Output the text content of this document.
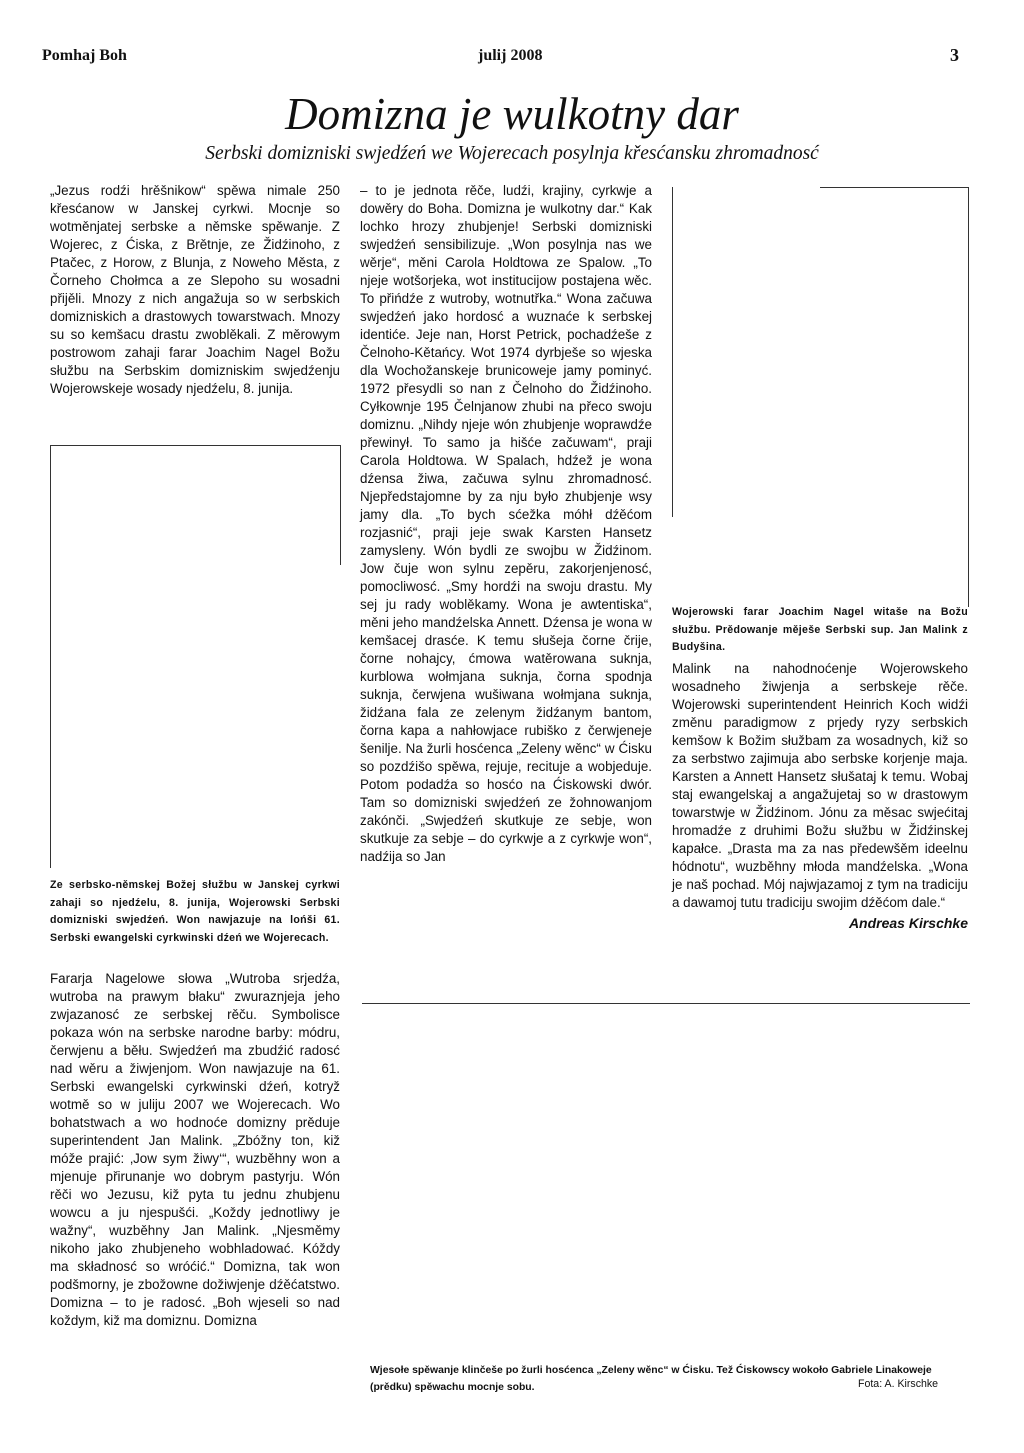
Pomhaj Boh	julij 2008	3
Domizna je wulkotny dar
Serbski domizniski swjedźeń we Wojerecach posylnja křesćansku zhromadnosć

„Jezus rodźi hrěšnikow“ spěwa nimale 250 křesćanow w Janskej cyrkwi. Mocnje so wotměnjatej serbske a němske spěwanje. Z Wojerec, z Ćiska, z Brětnje, ze Židźinoho, z Ptačec, z Horow, z Blunja, z Noweho Města, z Čorneho Chołmca a ze Slepoho su wosadni přijěli. Mnozy z nich angažuja so w serbskich domizniskich a drastowych towarstwach. Mnozy su so kemšacu drastu zwoblěkali. Z měrowym postrowom zahaji farar Joachim Nagel Božu słužbu na Serbskim domizniskim swjedźenju Wojerowskeje wosady njedźelu, 8. junija.

Ze serbsko-němskej Božej słužbu w Janskej cyrkwi zahaji so njedźelu, 8. junija, Wojerowski Serbski domizniski swjedźeń. Won nawjazuje na lońši 61. Serbski ewangelski cyrkwinski dźeń we Wojerecach.

Fararja Nagelowe słowa „Wutroba srjedźa, wutroba na prawym błaku“ zwuraznjeja jeho zwjazanosć ze serbskej rěču. Symbolisce pokaza wón na serbske narodne barby: módru, čerwjenu a běłu. Swjedźeń ma zbudźić radosć nad wěru a žiwjenjom. Won nawjazuje na 61. Serbski ewangelski cyrkwinski dźeń, kotryž wotmě so w juliju 2007 we Wojerecach. Wo bohatstwach a wo hodnoće domizny prěduje superintendent Jan Malink. „Zbóžny ton, kiž móže prajić: ‚Jow sym žiwy‘“, wuzběhny won a mjenuje přirunanje wo dobrym pastyrju. Wón rěči wo Jezusu, kiž pyta tu jednu zhubjenu wowcu a ju njespušći. „Koždy jednotliwy je wažny“, wuzběhny Jan Malink. „Njesměmy nikoho jako zhubjeneho wobhladować. Kóždy ma składnosć so wróćić.“ Domizna, tak won podšmorny, je zbožowne dožiwjenje dźěćatstwo. Domizna – to je radosć. „Boh wjeseli so nad koždym, kiž ma domiznu. Domizna

– to je jednota rěče, ludźi, krajiny, cyrkwje a dowěry do Boha. Domizna je wulkotny dar.“ Kak lochko hrozy zhubjenje! Serbski domizniski swjedźeń sensibilizuje. „Won posylnja nas we wěrje“, měni Carola Holdtowa ze Spalow. „To njeje wotšorjeka, wot institucijow postajena wěc. To přińdźe z wutroby, wotnutřka.“ Wona začuwa swjedźeń jako hordosć a wuznaće k serbskej identiće. Jeje nan, Horst Petrick, pochadźeše z Čelnoho-Kětańcy. Wot 1974 dyrbješe so wjeska dla Wochožanskeje brunicoweje jamy pominyć. 1972 přesydli so nan z Čelnoho do Židźinoho. Cyłkownje 195 Čelnjanow zhubi na přeco swoju domiznu. „Nihdy njeje wón zhubjenje woprawdźe přewinył. To samo ja hišće začuwam“, praji Carola Holdtowa. W Spalach, hdźež je wona dźensa žiwa, začuwa sylnu zhromadnosć. Njepředstajomne by za nju było zhubjenje wsy jamy dla. „To bych sćežka móhł dźěćom rozjasnić“, praji jeje swak Karsten Hansetz zamysleny. Wón bydli ze swojbu w Židźinom. Jow čuje won sylnu zepěru, zakorjenjenosć, pomocliwosć. „Smy hordźi na swoju drastu. My sej ju rady woblěkamy. Wona je awtentiska“, měni jeho mandźelska Annett. Dźensa je wona w kemšacej drasće. K temu słušeja čorne črije, čorne nohajcy, ćmowa watěrowana suknja, kurblowa wołmjana suknja, čorna spodnja suknja, čerwjena wušiwana wołmjana suknja, židźana fala ze zelenym židźanym bantom, čorna kapa a nahłowjace rubiško z čerwjeneje šenilje. Na žurli hosćenca „Zeleny wěnc“ w Ćisku so pozdźišo spěwa, rejuje, recituje a wobjeduje. Potom podadźa so hosćo na Ćiskowski dwór. Tam so domizniski swjedźeń ze žohnowanjom zakónči. „Swjedźeń skutkuje ze sebje, won skutkuje za sebje – do cyrkwje a z cyrkwje won“, nadźija so Jan

Wojerowski farar Joachim Nagel witaše na Božu słužbu. Prědowanje měješe Serbski sup. Jan Malink z Budyšina.

Malink na nahodnoćenje Wojerowskeho wosadneho žiwjenja a serbskeje rěče. Wojerowski superintendent Heinrich Koch widźi změnu paradigmow z prjedy ryzy serbskich kemšow k Božim słužbam za wosadnych, kiž so za serbstwo zajimuja abo serbske korjenje maja. Karsten a Annett Hansetz słušataj k temu. Wobaj staj ewangelskaj a angažujetaj so w drastowym towarstwje w Židźinom. Jónu za měsac swjećitaj hromadźe z druhimi Božu słužbu w Židźinskej kapałce. „Drasta ma za nas předewšěm ideelnu hódnotu“, wuzběhny młoda mandźelska. „Wona je naš pochad. Mój najwjazamoj z tym na tradiciju a dawamoj tutu tradiciju swojim dźěćom dale.“

Andreas Kirschke

Wjesołe spěwanje klinčeše po žurli hosćenca „Zeleny wěnc“ w Ćisku. Tež Ćiskowscy wokoło Gabriele Linakoweje (prědku) spěwachu mocnje sobu.	Fota: A. Kirschke
